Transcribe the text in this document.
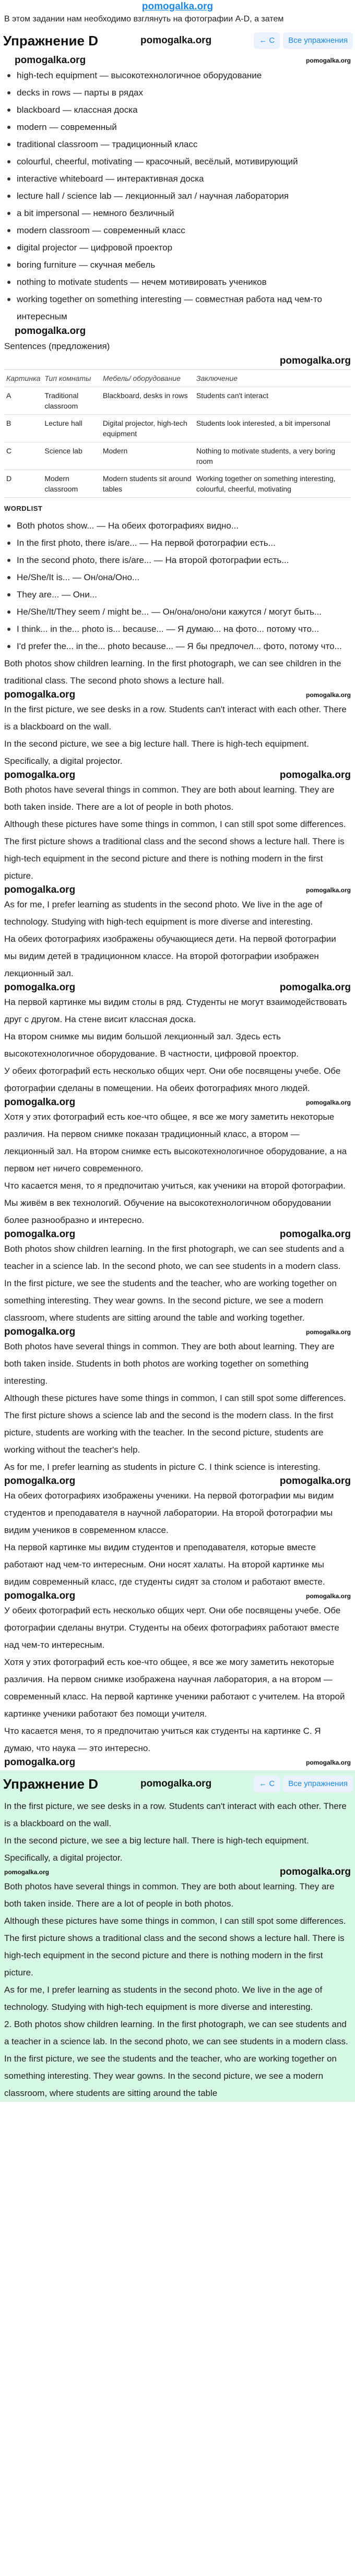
pomogalka.org
В этом задании нам необходимо взглянуть на фотографии A-D, а затем
Упражнение D	pomogalka.org	← С	Все упражнения
pomogalka.org	pomogalka.org
high-tech equipment — высокотехнологичное оборудование
decks in rows — парты в рядах
blackboard — классная доска
modern — современный
traditional classroom — традиционный класс
colourful, cheerful, motivating — красочный, весёлый, мотивирующий
interactive whiteboard — интерактивная доска
lecture hall / science lab — лекционный зал / научная лаборатория
a bit impersonal — немного безличный
modern classroom — современный класс
digital projector — цифровой проектор
boring furniture — скучная мебель
nothing to motivate students — нечем мотивировать учеников
working together on something interesting — совместная работа над чем-то интересным
pomogalka.org
Sentences (предложения)
pomogalka.org
Картинка	Тип комнаты	Мебель/ оборудование	Заключение
A	Traditional classroom	Blackboard, desks in rows	Students can't interact
B	Lecture hall	Digital projector, high-tech equipment	Students look interested, a bit impersonal
C	Science lab	Modern	Nothing to motivate students, a very boring room
D	Modern classroom	Modern students sit around tables	Working together on something interesting, colourful, cheerful, motivating
WORDLIST
Both photos show... — На обеих фотографиях видно...
In the first photo, there is/are... — На первой фотографии есть...
In the second photo, there is/are... — На второй фотографии есть...
He/She/It is... — Он/она/Оно...
They are... — Они...
He/She/It/They seem / might be... — Он/она/оно/они кажутся / могут быть...
I think... in the... photo is... because... — Я думаю... на фото... потому что...
I'd prefer the... in the... photo because... — Я бы предпочел... фото, потому что...
Both photos show children learning. In the first photograph, we can see children in the traditional class. The second photo shows a lecture hall.
pomogalka.org	pomogalka.org
In the first picture, we see desks in a row. Students can't interact with each other. There is a blackboard on the wall.
In the second picture, we see a big lecture hall. There is high-tech equipment. Specifically, a digital projector.
pomogalka.org	pomogalka.org
Both photos have several things in common. They are both about learning. They are both taken inside. There are a lot of people in both photos.
Although these pictures have some things in common, I can still spot some differences. The first picture shows a traditional class and the second shows a lecture hall. There is high-tech equipment in the second picture and there is nothing modern in the first picture.
pomogalka.org	pomogalka.org
As for me, I prefer learning as students in the second photo. We live in the age of technology. Studying with high-tech equipment is more diverse and interesting.
На обеих фотографиях изображены обучающиеся дети. На первой фотографии мы видим детей в традиционном классе. На второй фотографии изображен лекционный зал.
pomogalka.org	pomogalka.org
На первой картинке мы видим столы в ряд. Студенты не могут взаимодействовать друг с другом. На стене висит классная доска.
На втором снимке мы видим большой лекционный зал. Здесь есть высокотехнологичное оборудование. В частности, цифровой проектор.
У обеих фотографий есть несколько общих черт. Они обе посвящены учебе. Обе фотографии сделаны в помещении. На обеих фотографиях много людей.
pomogalka.org	pomogalka.org
Хотя у этих фотографий есть кое-что общее, я все же могу заметить некоторые различия. На первом снимке показан традиционный класс, а втором — лекционный зал. На втором снимке есть высокотехнологичное оборудование, а на первом нет ничего современного.
Что касается меня, то я предпочитаю учиться, как ученики на второй фотографии. Мы живём в век технологий. Обучение на высокотехнологичном оборудовании более разнообразно и интересно.
pomogalka.org	pomogalka.org
Both photos show children learning. In the first photograph, we can see students and a teacher in a science lab. In the second photo, we can see students in a modern class.
In the first picture, we see the students and the teacher, who are working together on something interesting. They wear gowns. In the second picture, we see a modern classroom, where students are sitting around the table and working together.
pomogalka.org	pomogalka.org
Both photos have several things in common. They are both about learning. They are both taken inside. Students in both photos are working together on something interesting.
Although these pictures have some things in common, I can still spot some differences. The first picture shows a science lab and the second is the modern class. In the first picture, students are working with the teacher. In the second picture, students are working without the teacher's help.
As for me, I prefer learning as students in picture C. I think science is interesting.
pomogalka.org	pomogalka.org
На обеих фотографиях изображены ученики. На первой фотографии мы видим студентов и преподавателя в научной лаборатории. На второй фотографии мы видим учеников в современном классе.
На первой картинке мы видим студентов и преподавателя, которые вместе работают над чем-то интересным. Они носят халаты. На второй картинке мы видим современный класс, где студенты сидят за столом и работают вместе.
pomogalka.org	pomogalka.org
У обеих фотографий есть несколько общих черт. Они обе посвящены учебе. Обе фотографии сделаны внутри. Студенты на обеих фотографиях работают вместе над чем-то интересным.
Хотя у этих фотографий есть кое-что общее, я все же могу заметить некоторые различия. На первом снимке изображена научная лаборатория, а на втором — современный класс. На первой картинке ученики работают с учителем. На второй картинке ученики работают без помощи учителя.
Что касается меня, то я предпочитаю учиться как студенты на картинке C. Я думаю, что наука — это интересно.
pomogalka.org	pomogalka.org
Упражнение D	pomogalka.org	← С	Все упражнения
In the first picture, we see desks in a row. Students can't interact with each other. There is a blackboard on the wall.
In the second picture, we see a big lecture hall. There is high-tech equipment. Specifically, a digital projector.
pomogalka.org	pomogalka.org
Both photos have several things in common. They are both about learning. They are both taken inside. There are a lot of people in both photos.
Although these pictures have some things in common, I can still spot some differences. The first picture shows a traditional class and the second shows a lecture hall. There is high-tech equipment in the second picture and there is nothing modern in the first picture.
As for me, I prefer learning as students in the second photo. We live in the age of technology. Studying with high-tech equipment is more diverse and interesting.
2. Both photos show children learning. In the first photograph, we can see students and a teacher in a science lab. In the second photo, we can see students in a modern class.
In the first picture, we see the students and the teacher, who are working together on something interesting. They wear gowns. In the second picture, we see a modern classroom, where students are sitting around the table
